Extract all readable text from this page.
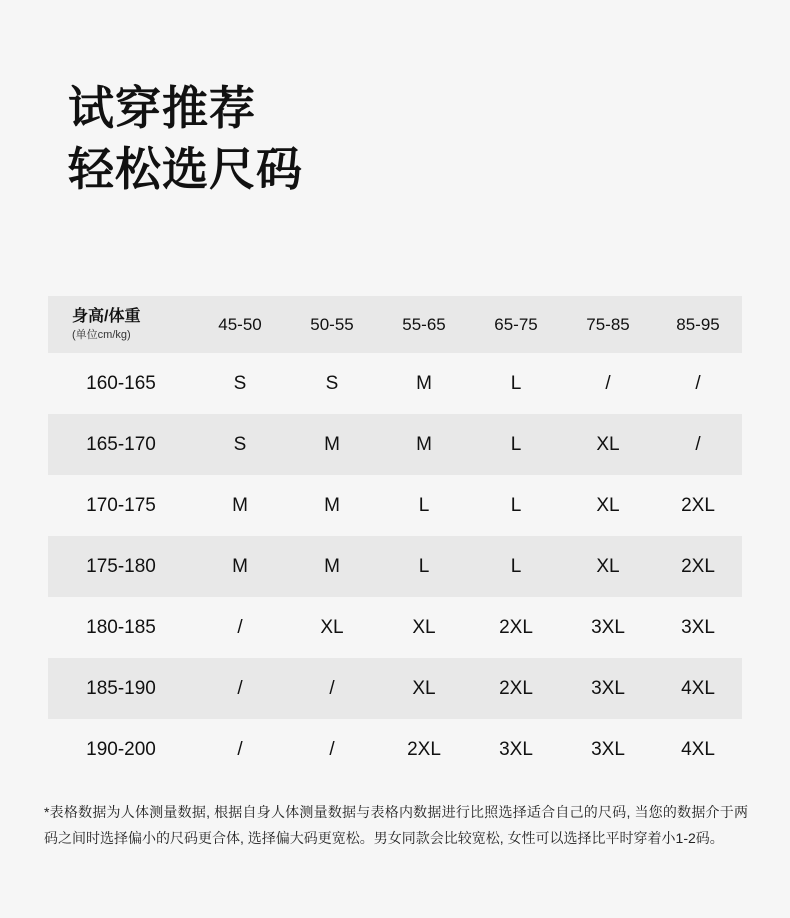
试穿推荐
轻松选尺码
身高/体重
(单位cm/kg)	45-50	50-55	55-65	65-75	75-85	85-95
160-165	S	S	M	L	/	/
165-170	S	M	M	L	XL	/
170-175	M	M	L	L	XL	2XL
175-180	M	M	L	L	XL	2XL
180-185	/	XL	XL	2XL	3XL	3XL
185-190	/	/	XL	2XL	3XL	4XL
190-200	/	/	2XL	3XL	3XL	4XL
*表格数据为人体测量数据, 根据自身人体测量数据与表格内数据进行比照选择适合自己的尺码, 当您的数据介于两码之间时选择偏小的尺码更合体, 选择偏大码更宽松。男女同款会比较宽松, 女性可以选择比平时穿着小1-2码。
